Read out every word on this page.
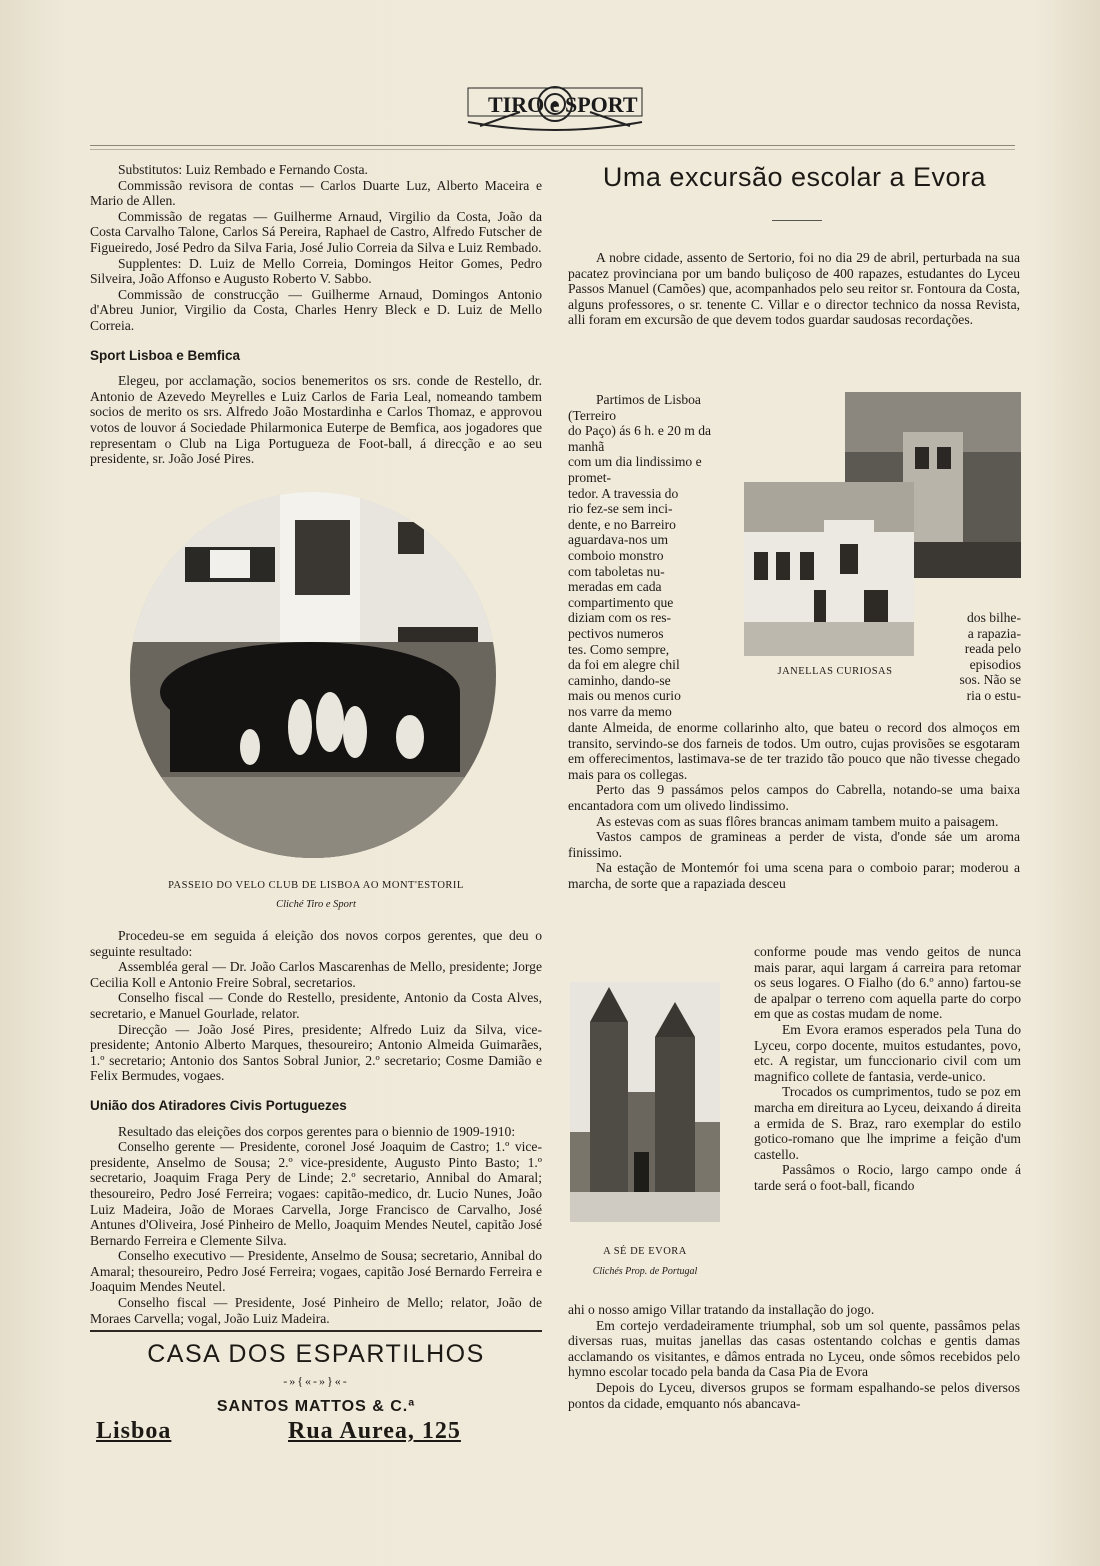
TIRO e SPORT

Substitutos: Luiz Rembado e Fernando Costa.

Commissão revisora de contas — Carlos Duarte Luz, Alberto Maceira e Mario de Allen.

Commissão de regatas — Guilherme Arnaud, Virgilio da Costa, João da Costa Carvalho Talone, Carlos Sá Pereira, Raphael de Castro, Alfredo Futscher de Figueiredo, José Pedro da Silva Faria, José Julio Correia da Silva e Luiz Rembado.

Supplentes: D. Luiz de Mello Correia, Domingos Heitor Gomes, Pedro Silveira, João Affonso e Augusto Roberto V. Sabbo.

Commissão de construcção — Guilherme Arnaud, Domingos Antonio d'Abreu Junior, Virgilio da Costa, Charles Henry Bleck e D. Luiz de Mello Correia.

Sport Lisboa e Bemfica

Elegeu, por acclamação, socios benemeritos os srs. conde de Restello, dr. Antonio de Azevedo Meyrelles e Luiz Carlos de Faria Leal, nomeando tambem socios de merito os srs. Alfredo João Mostardinha e Carlos Thomaz, e approvou votos de louvor á Sociedade Philarmonica Euterpe de Bemfica, aos jogadores que representam o Club na Liga Portugueza de Foot-ball, á direcção e ao seu presidente, sr. João José Pires.

PASSEIO DO VELO CLUB DE LISBOA AO MONT'ESTORIL

Cliché Tiro e Sport

Procedeu-se em seguida á eleição dos novos corpos gerentes, que deu o seguinte resultado:

Assembléa geral — Dr. João Carlos Mascarenhas de Mello, presidente; Jorge Cecilia Koll e Antonio Freire Sobral, secretarios.

Conselho fiscal — Conde do Restello, presidente, Antonio da Costa Alves, secretario, e Manuel Gourlade, relator.

Direcção — João José Pires, presidente; Alfredo Luiz da Silva, vice-presidente; Antonio Alberto Marques, thesoureiro; Antonio Almeida Guimarães, 1.º secretario; Antonio dos Santos Sobral Junior, 2.º secretario; Cosme Damião e Felix Bermudes, vogaes.

União dos Atiradores Civis Portuguezes

Resultado das eleições dos corpos gerentes para o biennio de 1909-1910:

Conselho gerente — Presidente, coronel José Joaquim de Castro; 1.º vice-presidente, Anselmo de Sousa; 2.º vice-presidente, Augusto Pinto Basto; 1.º secretario, Joaquim Fraga Pery de Linde; 2.º secretario, Annibal do Amaral; thesoureiro, Pedro José Ferreira; vogaes: capitão-medico, dr. Lucio Nunes, João Luiz Madeira, João de Moraes Carvella, Jorge Francisco de Carvalho, José Antunes d'Oliveira, José Pinheiro de Mello, Joaquim Mendes Neutel, capitão José Bernardo Ferreira e Clemente Silva.

Conselho executivo — Presidente, Anselmo de Sousa; secretario, Annibal do Amaral; thesoureiro, Pedro José Ferreira; vogaes, capitão José Bernardo Ferreira e Joaquim Mendes Neutel.

Conselho fiscal — Presidente, José Pinheiro de Mello; relator, João de Moraes Carvella; vogal, João Luiz Madeira.

CASA DOS ESPARTILHOS
-»{«-»}«-
SANTOS MATTOS & C.ª
Lisboa	Rua Aurea, 125
Uma excursão escolar a Evora

A nobre cidade, assento de Sertorio, foi no dia 29 de abril, perturbada na sua pacatez provinciana por um bando buliçoso de 400 rapazes, estudantes do Lyceu Passos Manuel (Camões) que, acompanhados pelo seu reitor sr. Fontoura da Costa, alguns professores, o sr. tenente C. Villar e o director technico da nossa Revista, alli foram em excursão de que devem todos guardar saudosas recordações.

Partimos de Lisboa (Terreiro

do Paço) ás 6 h. e 20 m da manhã

com um dia lindissimo e promet-

tedor. A travessia do

rio fez-se sem inci-

dente, e no Barreiro

aguardava-nos um

comboio monstro

com taboletas nu-

meradas em cada

compartimento que

diziam com os res-

pectivos numeros

tes. Como sempre,

da foi em alegre chil

caminho, dando-se

mais ou menos curio

nos varre da memo

dos bilhe-

a rapazia-

reada pelo

episodios

sos. Não se

ria o estu-

JANELLAS CURIOSAS

dante Almeida, de enorme collarinho alto, que bateu o record dos almoços em transito, servindo-se dos farneis de todos. Um outro, cujas provisões se esgotaram em offerecimentos, lastimava-se de ter trazido tão pouco que não tivesse chegado mais para os collegas.

Perto das 9 passámos pelos campos do Cabrella, notando-se uma baixa encantadora com um olivedo lindissimo.

As estevas com as suas flôres brancas animam tambem muito a paisagem.

Vastos campos de gramineas a perder de vista, d'onde sáe um aroma finissimo.

Na estação de Montemór foi uma scena para o comboio parar; moderou a marcha, de sorte que a rapaziada desceu

A SÉ DE EVORA

Clichés Prop. de Portugal

conforme poude mas vendo geitos de nunca mais parar, aqui largam á carreira para retomar os seus logares. O Fialho (do 6.º anno) fartou-se de apalpar o terreno com aquella parte do corpo em que as costas mudam de nome.

Em Evora eramos esperados pela Tuna do Lyceu, corpo docente, muitos estudantes, povo, etc. A registar, um funccionario civil com um magnifico collete de fantasia, verde-unico.

Trocados os cumprimentos, tudo se poz em marcha em direitura ao Lyceu, deixando á direita a ermida de S. Braz, raro exemplar do estilo gotico-romano que lhe imprime a feição d'um castello.

Passâmos o Rocio, largo campo onde á tarde será o foot-ball, ficando

ahi o nosso amigo Villar tratando da installação do jogo.

Em cortejo verdadeiramente triumphal, sob um sol quente, passâmos pelas diversas ruas, muitas janellas das casas ostentando colchas e gentis damas acclamando os visitantes, e dâmos entrada no Lyceu, onde sômos recebidos pelo hymno escolar tocado pela banda da Casa Pia de Evora

Depois do Lyceu, diversos grupos se formam espalhando-se pelos diversos pontos da cidade, emquanto nós abancava-
